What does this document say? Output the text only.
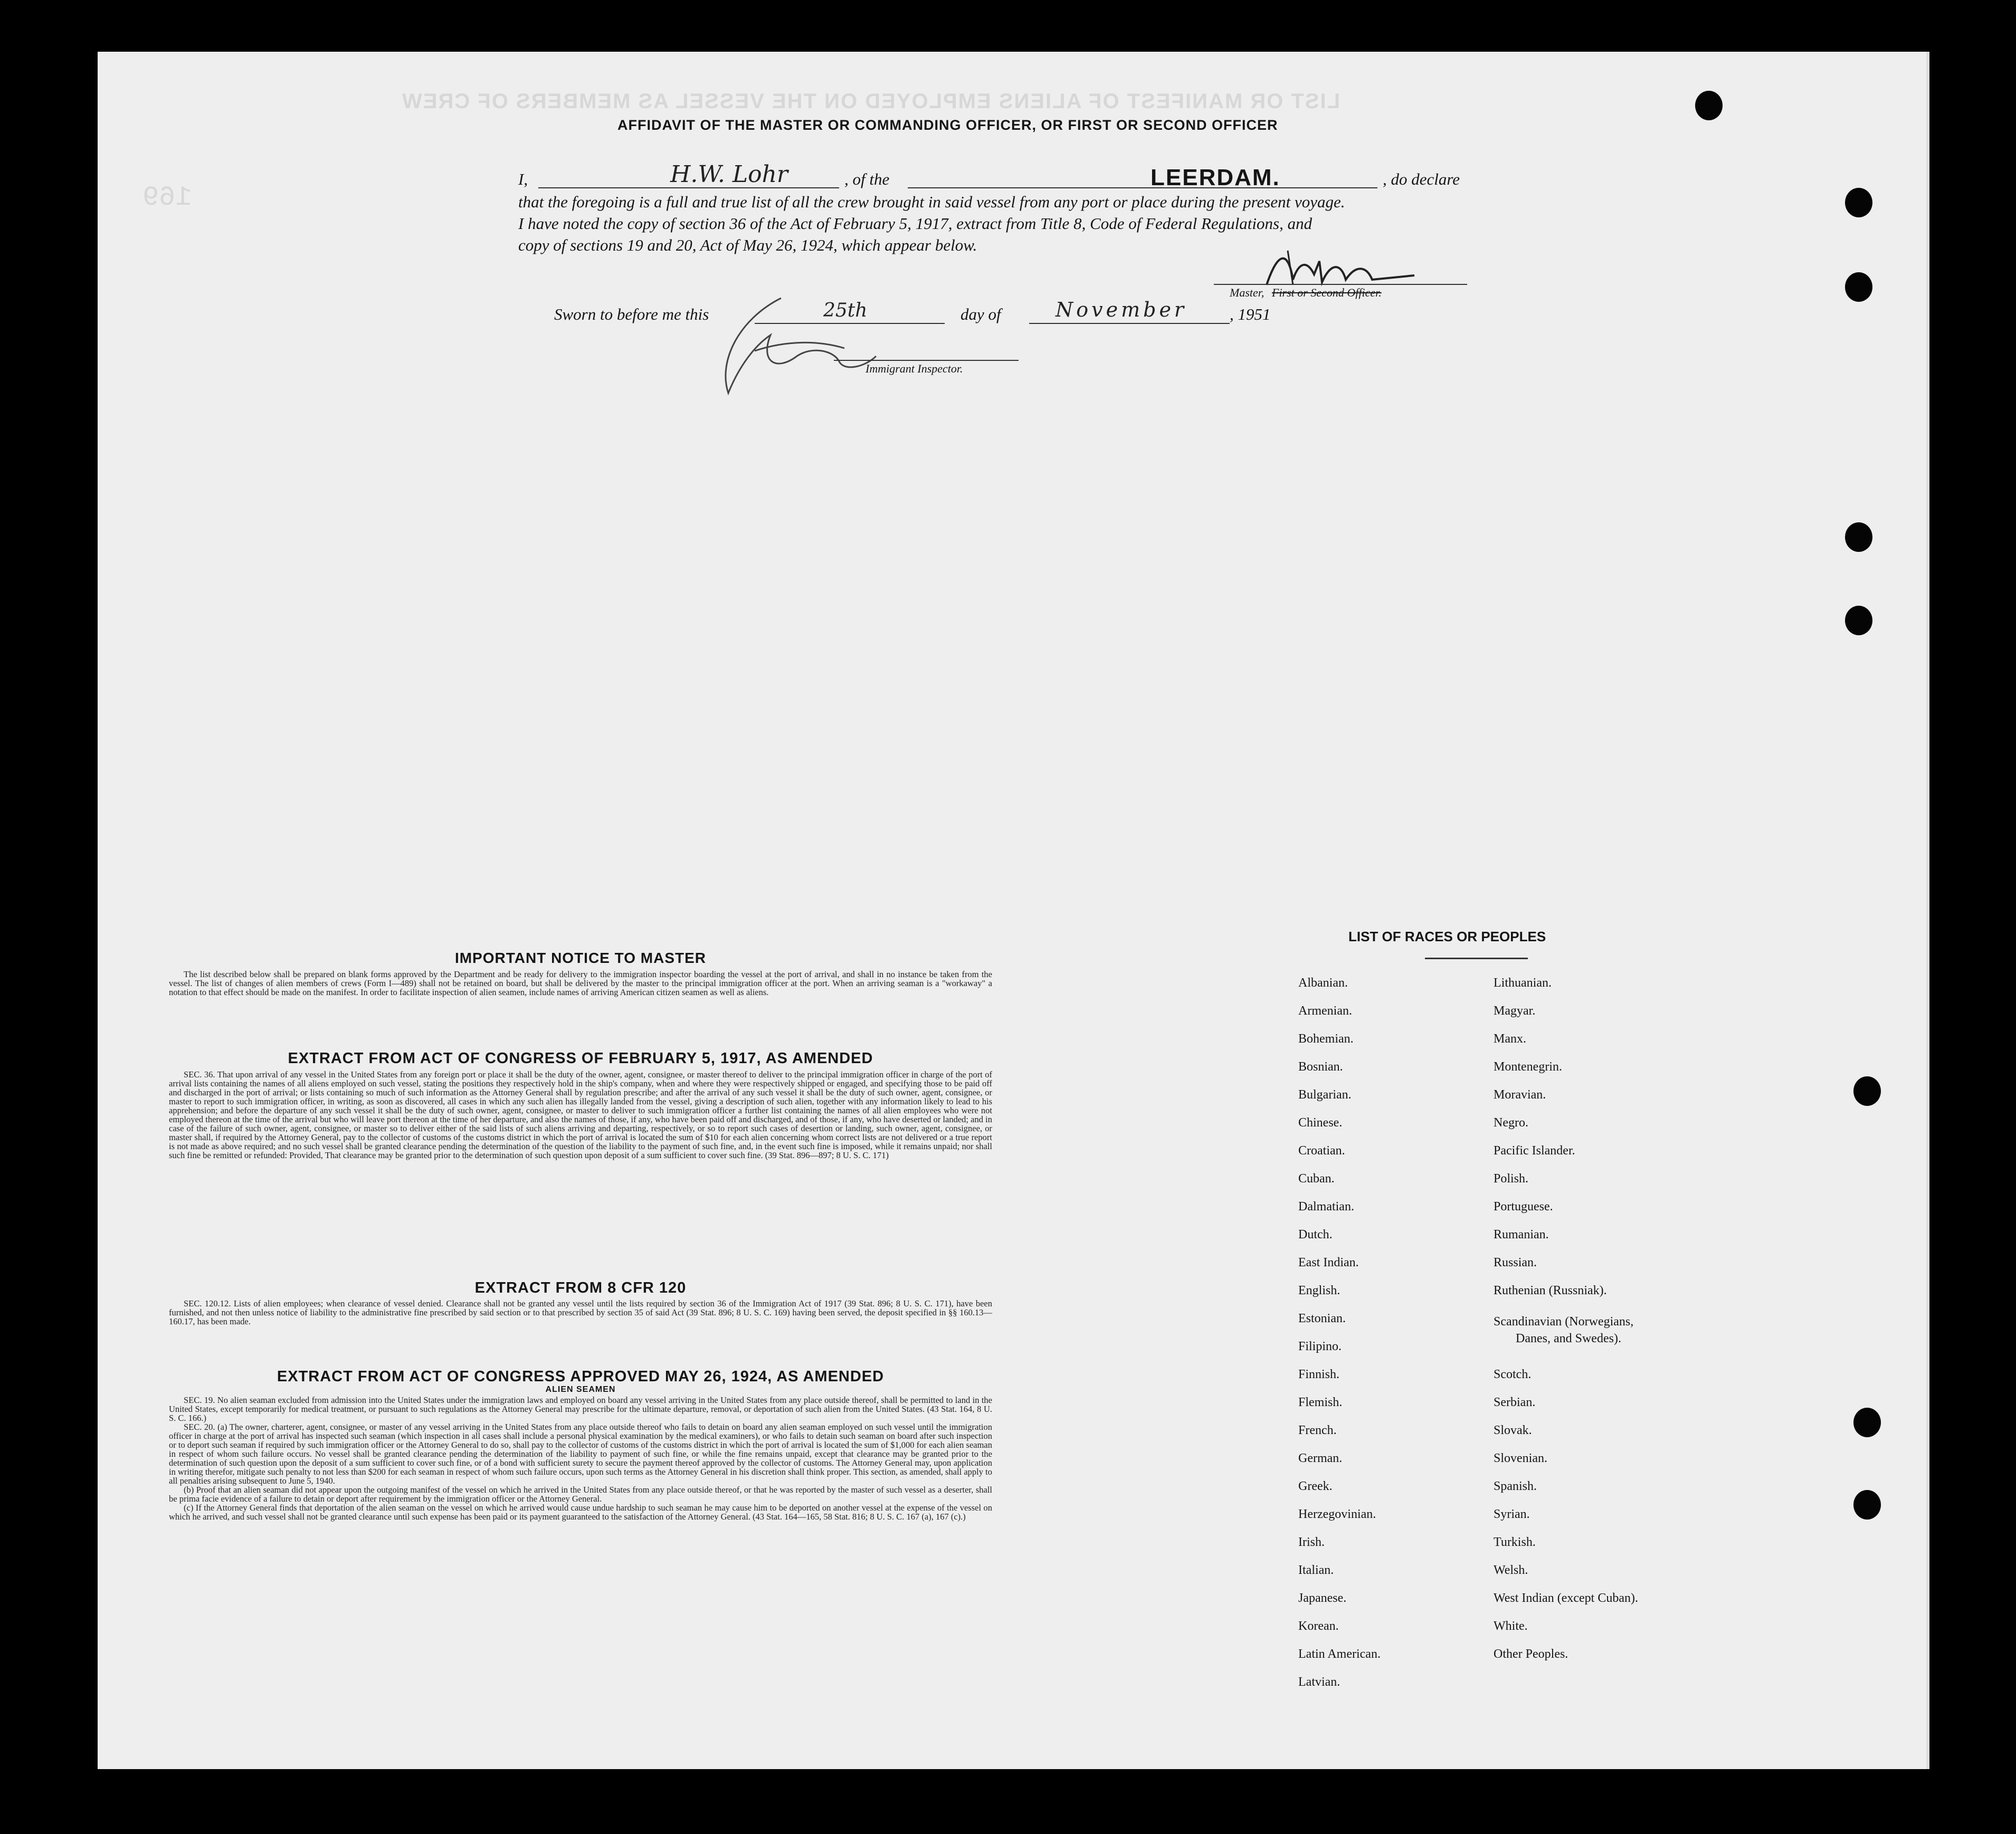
LIST OR MANIFEST OF ALIENS EMPLOYED ON THE VESSEL AS MEMBERS OF CREW
169
AFFIDAVIT OF THE MASTER OR COMMANDING OFFICER, OR FIRST OR SECOND OFFICER
I,	H.W. Lohr	, of the	LEERDAM.	, do declare
that the foregoing is a full and true list of all the crew brought in said vessel from any port or place during the present voyage.
I have noted the copy of section 36 of the Act of February 5, 1917, extract from Title 8, Code of Federal Regulations, and
copy of sections 19 and 20, Act of May 26, 1924, which appear below.
Master, First or Second Officer.
Sworn to before me this	25th	day of	November	, 1951
Immigrant Inspector.
IMPORTANT NOTICE TO MASTER

The list described below shall be prepared on blank forms approved by the Department and be ready for delivery to the immigration inspector boarding the vessel at the port of arrival, and shall in no instance be taken from the vessel. The list of changes of alien members of crews (Form I—489) shall not be retained on board, but shall be delivered by the master to the principal immigration officer at the port. When an arriving seaman is a "workaway" a notation to that effect should be made on the manifest. In order to facilitate inspection of alien seamen, include names of arriving American citizen seamen as well as aliens.

EXTRACT FROM ACT OF CONGRESS OF FEBRUARY 5, 1917, AS AMENDED

SEC. 36. That upon arrival of any vessel in the United States from any foreign port or place it shall be the duty of the owner, agent, consignee, or master thereof to deliver to the principal immigration officer in charge of the port of arrival lists containing the names of all aliens employed on such vessel, stating the positions they respectively hold in the ship's company, when and where they were respectively shipped or engaged, and specifying those to be paid off and discharged in the port of arrival; or lists containing so much of such information as the Attorney General shall by regulation prescribe; and after the arrival of any such vessel it shall be the duty of such owner, agent, consignee, or master to report to such immigration officer, in writing, as soon as discovered, all cases in which any such alien has illegally landed from the vessel, giving a description of such alien, together with any information likely to lead to his apprehension; and before the departure of any such vessel it shall be the duty of such owner, agent, consignee, or master to deliver to such immigration officer a further list containing the names of all alien employees who were not employed thereon at the time of the arrival but who will leave port thereon at the time of her departure, and also the names of those, if any, who have been paid off and discharged, and of those, if any, who have deserted or landed; and in case of the failure of such owner, agent, consignee, or master so to deliver either of the said lists of such aliens arriving and departing, respectively, or so to report such cases of desertion or landing, such owner, agent, consignee, or master shall, if required by the Attorney General, pay to the collector of customs of the customs district in which the port of arrival is located the sum of $10 for each alien concerning whom correct lists are not delivered or a true report is not made as above required; and no such vessel shall be granted clearance pending the determination of the question of the liability to the payment of such fine, and, in the event such fine is imposed, while it remains unpaid; nor shall such fine be remitted or refunded: Provided, That clearance may be granted prior to the determination of such question upon deposit of a sum sufficient to cover such fine. (39 Stat. 896—897; 8 U. S. C. 171)

EXTRACT FROM 8 CFR 120

SEC. 120.12. Lists of alien employees; when clearance of vessel denied. Clearance shall not be granted any vessel until the lists required by section 36 of the Immigration Act of 1917 (39 Stat. 896; 8 U. S. C. 171), have been furnished, and not then unless notice of liability to the administrative fine prescribed by said section or to that prescribed by section 35 of said Act (39 Stat. 896; 8 U. S. C. 169) having been served, the deposit specified in §§ 160.13—160.17, has been made.

EXTRACT FROM ACT OF CONGRESS APPROVED MAY 26, 1924, AS AMENDED
ALIEN SEAMEN

SEC. 19. No alien seaman excluded from admission into the United States under the immigration laws and employed on board any vessel arriving in the United States from any place outside thereof, shall be permitted to land in the United States, except temporarily for medical treatment, or pursuant to such regulations as the Attorney General may prescribe for the ultimate departure, removal, or deportation of such alien from the United States. (43 Stat. 164, 8 U. S. C. 166.)

SEC. 20. (a) The owner, charterer, agent, consignee, or master of any vessel arriving in the United States from any place outside thereof who fails to detain on board any alien seaman employed on such vessel until the immigration officer in charge at the port of arrival has inspected such seaman (which inspection in all cases shall include a personal physical examination by the medical examiners), or who fails to detain such seaman on board after such inspection or to deport such seaman if required by such immigration officer or the Attorney General to do so, shall pay to the collector of customs of the customs district in which the port of arrival is located the sum of $1,000 for each alien seaman in respect of whom such failure occurs. No vessel shall be granted clearance pending the determination of the liability to payment of such fine, or while the fine remains unpaid, except that clearance may be granted prior to the determination of such question upon the deposit of a sum sufficient to cover such fine, or of a bond with sufficient surety to secure the payment thereof approved by the collector of customs. The Attorney General may, upon application in writing therefor, mitigate such penalty to not less than $200 for each seaman in respect of whom such failure occurs, upon such terms as the Attorney General in his discretion shall think proper. This section, as amended, shall apply to all penalties arising subsequent to June 5, 1940.

(b) Proof that an alien seaman did not appear upon the outgoing manifest of the vessel on which he arrived in the United States from any place outside thereof, or that he was reported by the master of such vessel as a deserter, shall be prima facie evidence of a failure to detain or deport after requirement by the immigration officer or the Attorney General.

(c) If the Attorney General finds that deportation of the alien seaman on the vessel on which he arrived would cause undue hardship to such seaman he may cause him to be deported on another vessel at the expense of the vessel on which he arrived, and such vessel shall not be granted clearance until such expense has been paid or its payment guaranteed to the satisfaction of the Attorney General. (43 Stat. 164—165, 58 Stat. 816; 8 U. S. C. 167 (a), 167 (c).)

LIST OF RACES OR PEOPLES
Albanian.
Armenian.
Bohemian.
Bosnian.
Bulgarian.
Chinese.
Croatian.
Cuban.
Dalmatian.
Dutch.
East Indian.
English.
Estonian.
Filipino.
Finnish.
Flemish.
French.
German.
Greek.
Herzegovinian.
Irish.
Italian.
Japanese.
Korean.
Latin American.
Latvian.
Lithuanian.
Magyar.
Manx.
Montenegrin.
Moravian.
Negro.
Pacific Islander.
Polish.
Portuguese.
Rumanian.
Russian.
Ruthenian (Russniak).
Scandinavian (Norwegians,
Danes, and Swedes).
Scotch.
Serbian.
Slovak.
Slovenian.
Spanish.
Syrian.
Turkish.
Welsh.
West Indian (except Cuban).
White.
Other Peoples.
